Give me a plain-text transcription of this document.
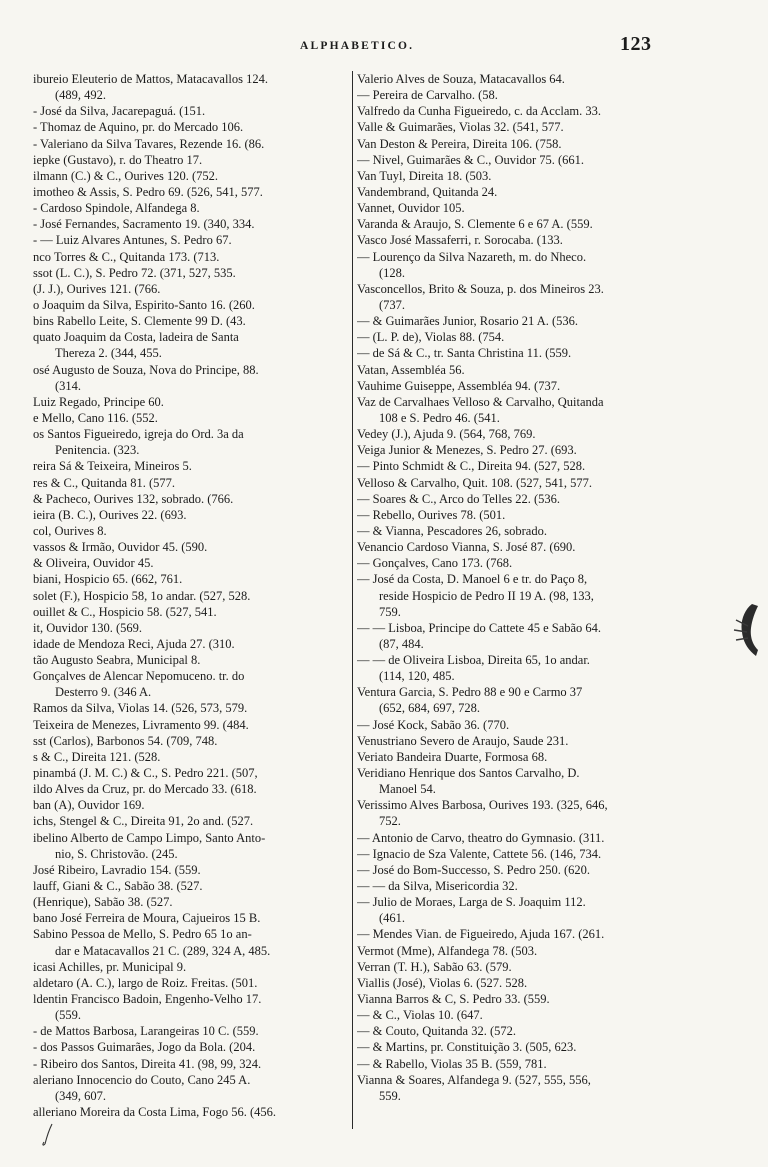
ALPHABETICO.	123
ibureio Eleuterio de Mattos, Matacavallos 124.
(489, 492.
- José da Silva, Jacarepaguá. (151.
- Thomaz de Aquino, pr. do Mercado 106.
- Valeriano da Silva Tavares, Rezende 16. (86.
iepke (Gustavo), r. do Theatro 17.
ilmann (C.) & C., Ourives 120. (752.
imotheo & Assis, S. Pedro 69. (526, 541, 577.
- Cardoso Spindole, Alfandega 8.
- José Fernandes, Sacramento 19. (340, 334.
- — Luiz Alvares Antunes, S. Pedro 67.
nco Torres & C., Quitanda 173. (713.
ssot (L. C.), S. Pedro 72. (371, 527, 535.
(J. J.), Ourives 121. (766.
o Joaquim da Silva, Espirito-Santo 16. (260.
bins Rabello Leite, S. Clemente 99 D. (43.
quato Joaquim da Costa, ladeira de Santa
Thereza 2. (344, 455.
osé Augusto de Souza, Nova do Principe, 88.
(314.
Luiz Regado, Principe 60.
e Mello, Cano 116. (552.
os Santos Figueiredo, igreja do Ord. 3a da
Penitencia. (323.
reira Sá & Teixeira, Mineiros 5.
res & C., Quitanda 81. (577.
& Pacheco, Ourives 132, sobrado. (766.
ieira (B. C.), Ourives 22. (693.
col, Ourives 8.
vassos & Irmão, Ouvidor 45. (590.
& Oliveira, Ouvidor 45.
biani, Hospicio 65. (662, 761.
solet (F.), Hospicio 58, 1o andar. (527, 528.
ouillet & C., Hospicio 58. (527, 541.
it, Ouvidor 130. (569.
idade de Mendoza Reci, Ajuda 27. (310.
tão Augusto Seabra, Municipal 8.
Gonçalves de Alencar Nepomuceno. tr. do
Desterro 9. (346 A.
Ramos da Silva, Violas 14. (526, 573, 579.
Teixeira de Menezes, Livramento 99. (484.
sst (Carlos), Barbonos 54. (709, 748.
s & C., Direita 121. (528.
pinambá (J. M. C.) & C., S. Pedro 221. (507,
ildo Alves da Cruz, pr. do Mercado 33. (618.
ban (A), Ouvidor 169.
ichs, Stengel & C., Direita 91, 2o and. (527.
ibelino Alberto de Campo Limpo, Santo Anto-
nio, S. Christovão. (245.
José Ribeiro, Lavradio 154. (559.
lauff, Giani & C., Sabão 38. (527.
(Henrique), Sabão 38. (527.
bano José Ferreira de Moura, Cajueiros 15 B.
Sabino Pessoa de Mello, S. Pedro 65 1o an-
dar e Matacavallos 21 C. (289, 324 A, 485.
icasi Achilles, pr. Municipal 9.
aldetaro (A. C.), largo de Roiz. Freitas. (501.
ldentin Francisco Badoin, Engenho-Velho 17.
(559.
- de Mattos Barbosa, Larangeiras 10 C. (559.
- dos Passos Guimarães, Jogo da Bola. (204.
- Ribeiro dos Santos, Direita 41. (98, 99, 324.
aleriano Innocencio do Couto, Cano 245 A.
(349, 607.
alleriano Moreira da Costa Lima, Fogo 56. (456.
Valerio Alves de Souza, Matacavallos 64.
— Pereira de Carvalho. (58.
Valfredo da Cunha Figueiredo, c. da Acclam. 33.
Valle & Guimarães, Violas 32. (541, 577.
Van Deston & Pereira, Direita 106. (758.
— Nivel, Guimarães & C., Ouvidor 75. (661.
Van Tuyl, Direita 18. (503.
Vandembrand, Quitanda 24.
Vannet, Ouvidor 105.
Varanda & Araujo, S. Clemente 6 e 67 A. (559.
Vasco José Massaferri, r. Sorocaba. (133.
— Lourenço da Silva Nazareth, m. do Nheco.
(128.
Vasconcellos, Brito & Souza, p. dos Mineiros 23.
(737.
— & Guimarães Junior, Rosario 21 A. (536.
— (L. P. de), Violas 88. (754.
— de Sá & C., tr. Santa Christina 11. (559.
Vatan, Assembléa 56.
Vauhime Guiseppe, Assembléa 94. (737.
Vaz de Carvalhaes Velloso & Carvalho, Quitanda
108 e S. Pedro 46. (541.
Vedey (J.), Ajuda 9. (564, 768, 769.
Veiga Junior & Menezes, S. Pedro 27. (693.
— Pinto Schmidt & C., Direita 94. (527, 528.
Velloso & Carvalho, Quit. 108. (527, 541, 577.
— Soares & C., Arco do Telles 22. (536.
— Rebello, Ourives 78. (501.
— & Vianna, Pescadores 26, sobrado.
Venancio Cardoso Vianna, S. José 87. (690.
— Gonçalves, Cano 173. (768.
— José da Costa, D. Manoel 6 e tr. do Paço 8,
reside Hospicio de Pedro II 19 A. (98, 133,
759.
— — Lisboa, Principe do Cattete 45 e Sabão 64.
(87, 484.
— — de Oliveira Lisboa, Direita 65, 1o andar.
(114, 120, 485.
Ventura Garcia, S. Pedro 88 e 90 e Carmo 37
(652, 684, 697, 728.
— José Kock, Sabão 36. (770.
Venustriano Severo de Araujo, Saude 231.
Veriato Bandeira Duarte, Formosa 68.
Veridiano Henrique dos Santos Carvalho, D.
Manoel 54.
Verissimo Alves Barbosa, Ourives 193. (325, 646,
752.
— Antonio de Carvo, theatro do Gymnasio. (311.
— Ignacio de Sza Valente, Cattete 56. (146, 734.
— José do Bom-Successo, S. Pedro 250. (620.
— — da Silva, Misericordia 32.
— Julio de Moraes, Larga de S. Joaquim 112.
(461.
— Mendes Vian. de Figueiredo, Ajuda 167. (261.
Vermot (Mme), Alfandega 78. (503.
Verran (T. H.), Sabão 63. (579.
Viallis (José), Violas 6. (527. 528.
Vianna Barros & C, S. Pedro 33. (559.
— & C., Violas 10. (647.
— & Couto, Quitanda 32. (572.
— & Martins, pr. Constituição 3. (505, 623.
— & Rabello, Violas 35 B. (559, 781.
Vianna & Soares, Alfandega 9. (527, 555, 556,
559.
